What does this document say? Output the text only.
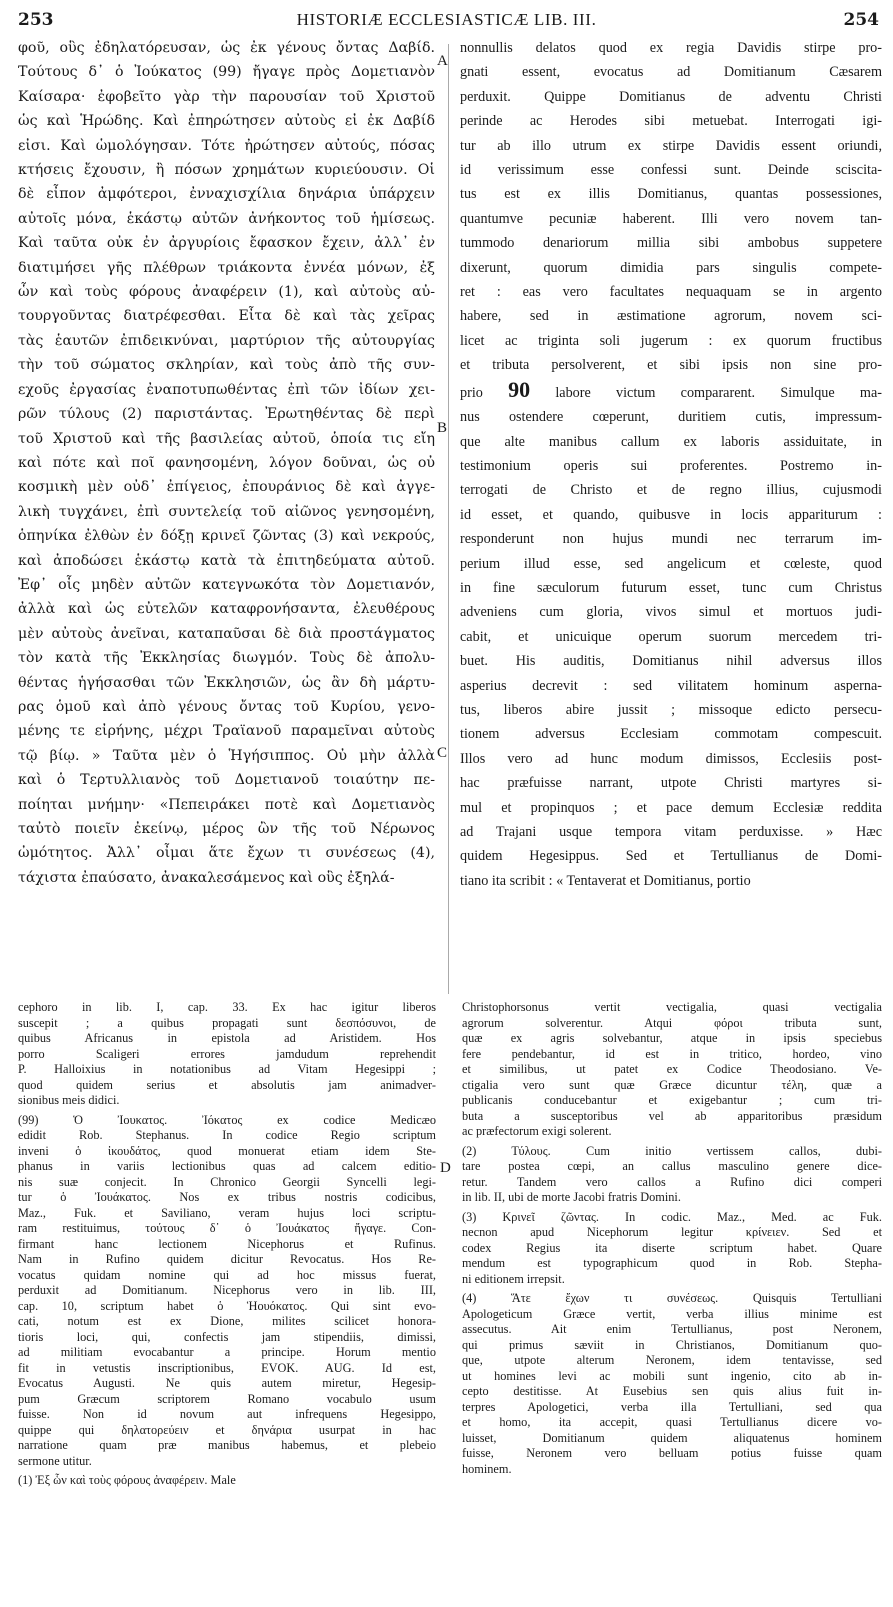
253	HISTORIÆ ECCLESIASTICÆ LIB. III.	254
φοῦ, οὓς ἐδηλατόρευσαν, ὡς ἐκ γένους ὄντας Δαβίδ.
Τούτους δ᾽ ὁ Ἰούκατος (99) ἤγαγε πρὸς Δομετιανὸν
Καίσαρα· ἐφοβεῖτο γὰρ τὴν παρουσίαν τοῦ Χριστοῦ
ὡς καὶ Ἡρώδης. Καὶ ἐπηρώτησεν αὐτοὺς εἰ ἐκ Δαβίδ
εἰσι. Καὶ ὡμολόγησαν. Τότε ἠρώτησεν αὐτούς, πόσας
κτήσεις ἔχουσιν, ἢ πόσων χρημάτων κυριεύουσιν. Οἱ
δὲ εἶπον ἀμφότεροι, ἐνναχισχίλια δηνάρια ὑπάρχειν
αὐτοῖς μόνα, ἑκάστῳ αὐτῶν ἀνήκοντος τοῦ ἡμίσεως.
Καὶ ταῦτα οὐκ ἐν ἀργυρίοις ἔφασκον ἔχειν, ἀλλ᾽ ἐν
διατιμήσει γῆς πλέθρων τριάκοντα ἐννέα μόνων, ἐξ
ὧν καὶ τοὺς φόρους ἀναφέρειν (1), καὶ αὐτοὺς αὐ-
τουργοῦντας διατρέφεσθαι. Εἶτα δὲ καὶ τὰς χεῖρας
τὰς ἑαυτῶν ἐπιδεικνύναι, μαρτύριον τῆς αὐτουργίας
τὴν τοῦ σώματος σκληρίαν, καὶ τοὺς ἀπὸ τῆς συν-
εχοῦς ἐργασίας ἐναποτυπωθέντας ἐπὶ τῶν ἰδίων χει-
ρῶν τύλους (2) παριστάντας. Ἐρωτηθέντας δὲ περὶ
τοῦ Χριστοῦ καὶ τῆς βασιλείας αὐτοῦ, ὁποία τις εἴη
καὶ πότε καὶ ποῖ φανησομένη, λόγον δοῦναι, ὡς οὐ
κοσμικὴ μὲν οὐδ᾽ ἐπίγειος, ἐπουράνιος δὲ καὶ ἀγγε-
λικὴ τυγχάνει, ἐπὶ συντελείᾳ τοῦ αἰῶνος γενησομένη,
ὁπηνίκα ἐλθὼν ἐν δόξῃ κρινεῖ ζῶντας (3) καὶ νεκρούς,
καὶ ἀποδώσει ἑκάστῳ κατὰ τὰ ἐπιτηδεύματα αὐτοῦ.
Ἐφ᾽ οἷς μηδὲν αὐτῶν κατεγνωκότα τὸν Δομετιανόν,
ἀλλὰ καὶ ὡς εὐτελῶν καταφρονήσαντα, ἐλευθέρους
μὲν αὐτοὺς ἀνεῖναι, καταπαῦσαι δὲ διὰ προστάγματος
τὸν κατὰ τῆς Ἐκκλησίας διωγμόν. Τοὺς δὲ ἀπολυ-
θέντας ἡγήσασθαι τῶν Ἐκκλησιῶν, ὡς ἂν δὴ μάρτυ-
ρας ὁμοῦ καὶ ἀπὸ γένους ὄντας τοῦ Κυρίου, γενο-
μένης τε εἰρήνης, μέχρι Τραϊανοῦ παραμεῖναι αὐτοὺς
τῷ βίῳ. » Ταῦτα μὲν ὁ Ἡγήσιππος. Οὐ μὴν ἀλλὰ
καὶ ὁ Τερτυλλιανὸς τοῦ Δομετιανοῦ τοιαύτην πε-
ποίηται μνήμην· «Πεπειράκει ποτὲ καὶ Δομετιανὸς
ταὐτὸ ποιεῖν ἐκείνῳ, μέρος ὢν τῆς τοῦ Νέρωνος
ὠμότητος. Ἀλλ᾽ οἶμαι ἅτε ἔχων τι συνέσεως (4),
τάχιστα ἐπαύσατο, ἀνακαλεσάμενος καὶ οὓς ἐξηλά-
nonnullis delatos quod ex regia Davidis stirpe pro-
gnati essent, evocatus ad Domitianum Cæsarem
perduxit. Quippe Domitianus de adventu Christi
perinde ac Herodes sibi metuebat. Interrogati igi-
tur ab illo utrum ex stirpe Davidis essent oriundi,
id verissimum esse confessi sunt. Deinde sciscita-
tus est ex illis Domitianus, quantas possessiones,
quantumve pecuniæ haberent. Illi vero novem tan-
tummodo denariorum millia sibi ambobus suppetere
dixerunt, quorum dimidia pars singulis compete-
ret : eas vero facultates nequaquam se in argento
habere, sed in æstimatione agrorum, novem sci-
licet ac triginta soli jugerum : ex quorum fructibus
et tributa persolverent, et sibi ipsis non sine pro-
prio 90 labore victum compararent. Simulque ma-
nus ostendere cœperunt, duritiem cutis, impressum-
que alte manibus callum ex laboris assiduitate, in
testimonium operis sui proferentes. Postremo in-
terrogati de Christo et de regno illius, cujusmodi
id esset, et quando, quibusve in locis appariturum :
responderunt non hujus mundi nec terrarum im-
perium illud esse, sed angelicum et cœleste, quod
in fine sæculorum futurum esset, tunc cum Christus
adveniens cum gloria, vivos simul et mortuos judi-
cabit, et unicuique operum suorum mercedem tri-
buet. His auditis, Domitianus nihil adversus illos
asperius decrevit : sed vilitatem hominum asperna-
tus, liberos abire jussit ; missoque edicto persecu-
tionem adversus Ecclesiam commotam compescuit.
Illos vero ad hunc modum dimissos, Ecclesiis post-
hac præfuisse narrant, utpote Christi martyres si-
mul et propinquos ; et pace demum Ecclesiæ reddita
ad Trajani usque tempora vitam perduxisse. » Hæc
quidem Hegesippus. Sed et Tertullianus de Domi-
tiano ita scribit : « Tentaverat et Domitianus, portio
A
B
C
D
cephoro in lib. I, cap. 33. Ex hac igitur liberos
suscepit ; a quibus propagati sunt δεσπόσυνοι, de
quibus Africanus in epistola ad Aristidem. Hos
porro Scaligeri errores jamdudum reprehendit
P. Halloixius in notationibus ad Vitam Hegesippi ;
quod quidem serius et absolutis jam animadver-
sionibus meis didici.
(99) Ὁ Ἰουκατος. Ἰόκατος ex codice Medicæo
edidit Rob. Stephanus. In codice Regio scriptum
inveni ὁ ἰκουδάτος, quod monuerat etiam idem Ste-
phanus in variis lectionibus quas ad calcem editio-
nis suæ conjecit. In Chronico Georgii Syncelli legi-
tur ὁ Ἰουάκατος. Nos ex tribus nostris codicibus,
Maz., Fuk. et Saviliano, veram hujus loci scriptu-
ram restituimus, τούτους δ᾽ ὁ Ἰουάκατος ἤγαγε. Con-
firmant hanc lectionem Nicephorus et Rufinus.
Nam in Rufino quidem dicitur Revocatus. Hos Re-
vocatus quidam nomine qui ad hoc missus fuerat,
perduxit ad Domitianum. Nicephorus vero in lib. III,
cap. 10, scriptum habet ὁ Ἡουόκατος. Qui sint evo-
cati, notum est ex Dione, milites scilicet honora-
tioris loci, qui, confectis jam stipendiis, dimissi,
ad militiam evocabantur a principe. Horum mentio
fit in vetustis inscriptionibus, EVOK. AUG. Id est,
Evocatus Augusti. Ne quis autem miretur, Hegesip-
pum Græcum scriptorem Romano vocabulo usum
fuisse. Non id novum aut infrequens Hegesippo,
quippe qui δηλατορεύειν et δηνάρια usurpat in hac
narratione quam præ manibus habemus, et plebeio
sermone utitur.
(1) Ἐξ ὧν καὶ τοὺς φόρους ἀναφέρειν. Male
Christophorsonus vertit vectigalia, quasi vectigalia
agrorum solverentur. Atqui φόροι tributa sunt,
quæ ex agris solvebantur, atque in ipsis speciebus
fere pendebantur, id est in tritico, hordeo, vino
et similibus, ut patet ex Codice Theodosiano. Ve-
ctigalia vero sunt quæ Græce dicuntur τέλη, quæ a
publicanis conducebantur et exigebantur ; cum tri-
buta a susceptoribus vel ab apparitoribus præsidum
ac præfectorum exigi solerent.
(2) Τύλους. Cum initio vertissem callos, dubi-
tare postea cœpi, an callus masculino genere dice-
retur. Tandem vero callos a Rufino dici comperi
in lib. II, ubi de morte Jacobi fratris Domini.
(3) Κρινεῖ ζῶντας. In codic. Maz., Med. ac Fuk.
necnon apud Nicephorum legitur κρίνειεν. Sed et
codex Regius ita diserte scriptum habet. Quare
mendum est typographicum quod in Rob. Stepha-
ni editionem irrepsit.
(4) Ἅτε ἔχων τι συνέσεως. Quisquis Tertulliani
Apologeticum Græce vertit, verba illius minime est
assecutus. Ait enim Tertullianus, post Neronem,
qui primus sæviit in Christianos, Domitianum quo-
que, utpote alterum Neronem, idem tentavisse, sed
ut homines levi ac mobili sunt ingenio, cito ab in-
cepto destitisse. At Eusebius sen quis alius fuit in-
terpres Apologetici, verba illa Tertulliani, sed qua
et homo, ita accepit, quasi Tertullianus dicere vo-
luisset, Domitianum quidem aliquatenus hominem
fuisse, Neronem vero belluam potius fuisse quam
hominem.
